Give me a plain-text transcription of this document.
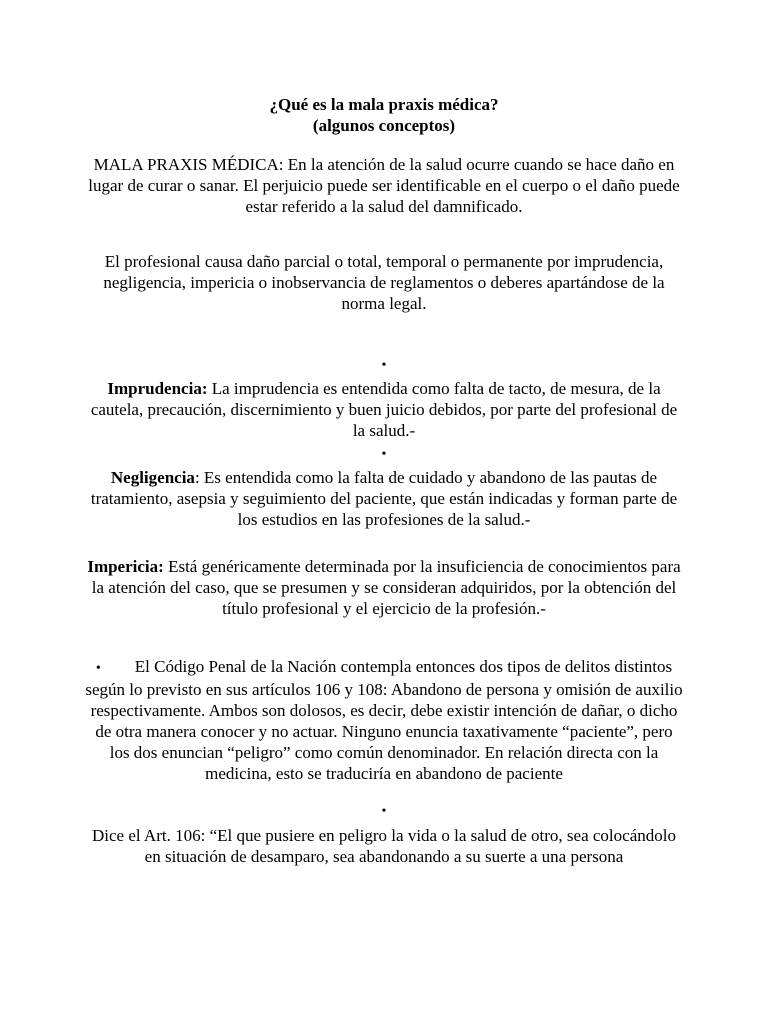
¿Qué es la mala praxis médica?
(algunos conceptos)
MALA PRAXIS MÉDICA: En la atención de la salud ocurre cuando se hace daño en lugar de curar o sanar. El perjuicio puede ser identificable en el cuerpo o el daño puede estar referido a la salud del damnificado.
El profesional causa daño parcial o total, temporal o permanente por imprudencia, negligencia, impericia o inobservancia de reglamentos o deberes apartándose de la norma legal.
•
Imprudencia: La imprudencia es entendida como falta de tacto, de mesura, de la cautela, precaución, discernimiento y buen juicio debidos, por parte del profesional de la salud.-
•
Negligencia: Es entendida como la falta de cuidado y abandono de las pautas de tratamiento, asepsia y seguimiento del paciente, que están indicadas y forman parte de los estudios en las profesiones de la salud.-
Impericia: Está genéricamente determinada por la insuficiencia de conocimientos para la atención del caso, que se presumen y se consideran adquiridos, por la obtención del título profesional y el ejercicio de la profesión.-
• El Código Penal de la Nación contempla entonces dos tipos de delitos distintos según lo previsto en sus artículos 106 y 108: Abandono de persona y omisión de auxilio respectivamente. Ambos son dolosos, es decir, debe existir intención de dañar, o dicho de otra manera conocer y no actuar. Ninguno enuncia taxativamente “paciente”, pero los dos enuncian “peligro” como común denominador. En relación directa con la medicina, esto se traduciría en abandono de paciente
•
Dice el Art. 106: “El que pusiere en peligro la vida o la salud de otro, sea colocándolo en situación de desamparo, sea abandonando a su suerte a una persona
